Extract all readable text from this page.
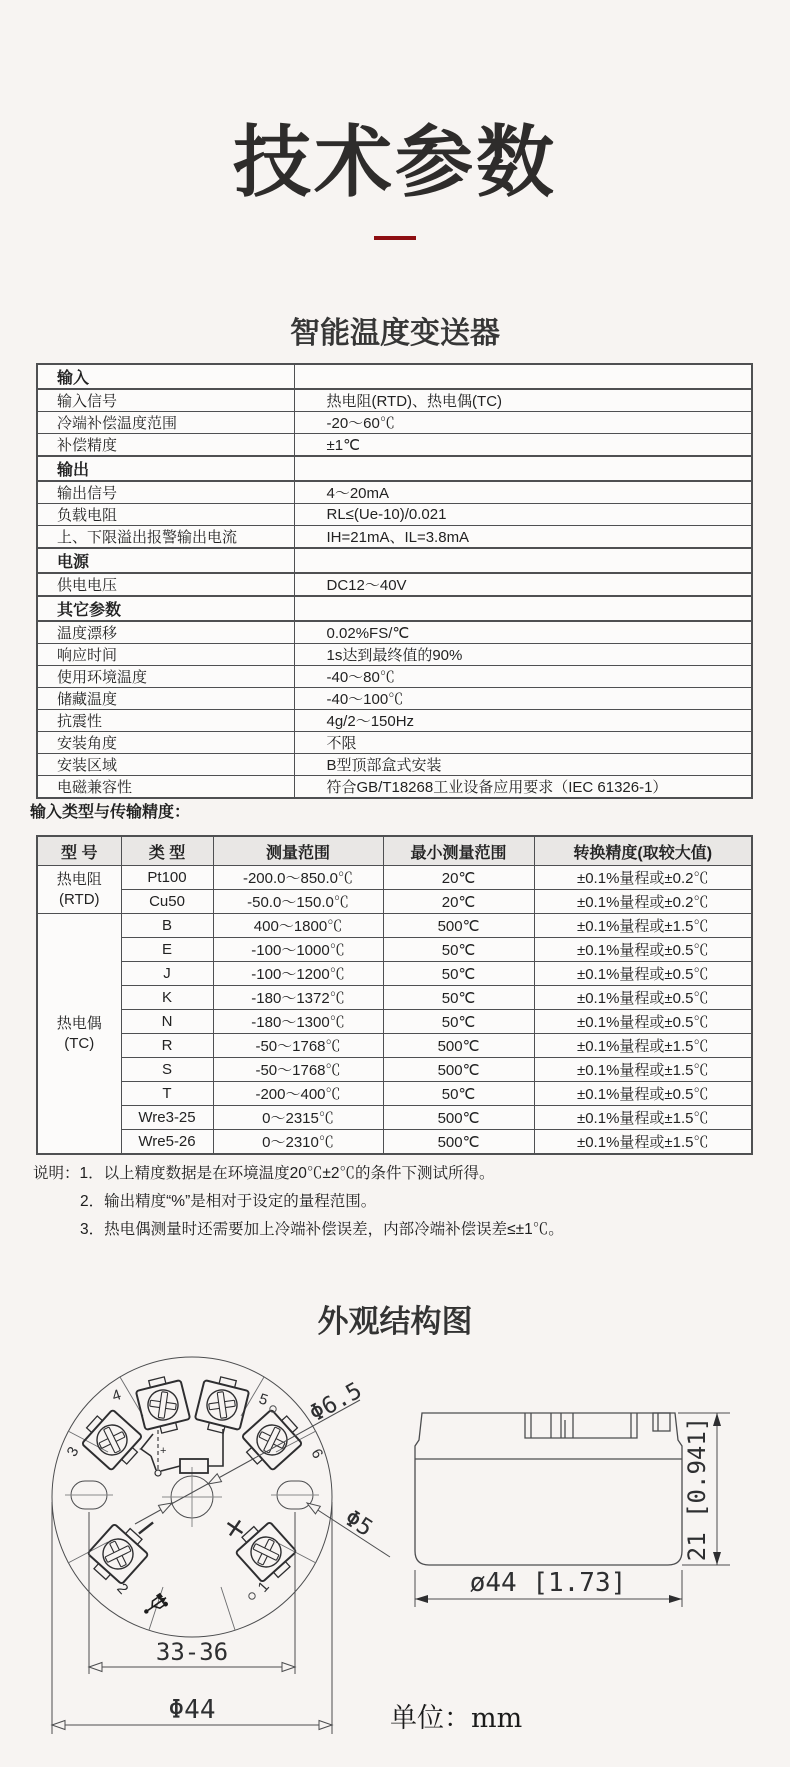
技术参数
智能温度变送器
输入	
输入信号	热电阻(RTD)、热电偶(TC)
冷端补偿温度范围	-20～60℃
补偿精度	±1℃
输出	
输出信号	4～20mA
负载电阻	RL≤(Ue-10)/0.021
上、下限溢出报警输出电流	IH=21mA、IL=3.8mA
电源	
供电电压	DC12～40V
其它参数	
温度漂移	0.02%FS/℃
响应时间	1s达到最终值的90%
使用环境温度	-40～80℃
储藏温度	-40～100℃
抗震性	4g/2～150Hz
安装角度	不限
安装区域	B型顶部盒式安装
电磁兼容性	符合GB/T18268工业设备应用要求（IEC 61326-1）
输入类型与传输精度：
型 号	类 型	测量范围	最小测量范围	转换精度(取较大值)
热电阻
(RTD)	Pt100	-200.0～850.0℃	20℃	±0.1%量程或±0.2℃
	Cu50	-50.0～150.0℃	20℃	±0.1%量程或±0.2℃
热电偶
(TC)	B	400～1800℃	500℃	±0.1%量程或±1.5℃
	E	-100～1000℃	50℃	±0.1%量程或±0.5℃
	J	-100～1200℃	50℃	±0.1%量程或±0.5℃
	K	-180～1372℃	50℃	±0.1%量程或±0.5℃
	N	-180～1300℃	50℃	±0.1%量程或±0.5℃
	R	-50～1768℃	500℃	±0.1%量程或±1.5℃
	S	-50～1768℃	500℃	±0.1%量程或±1.5℃
	T	-200～400℃	50℃	±0.1%量程或±0.5℃
	Wre3-25	0～2315℃	500℃	±0.1%量程或±1.5℃
	Wre5-26	0～2310℃	500℃	±0.1%量程或±1.5℃
说明：1．以上精度数据是在环境温度20℃±2℃的条件下测试所得。
2．输出精度“%”是相对于设定的量程范围。
3．热电偶测量时还需要加上冷端补偿误差，内部冷端补偿误差≤±1℃。
外观结构图
4	5
3	6
2	1
- +
Φ6.5
Φ5
33-36
Φ44
21 [0.941]
ø44 [1.73]
单位：mm
